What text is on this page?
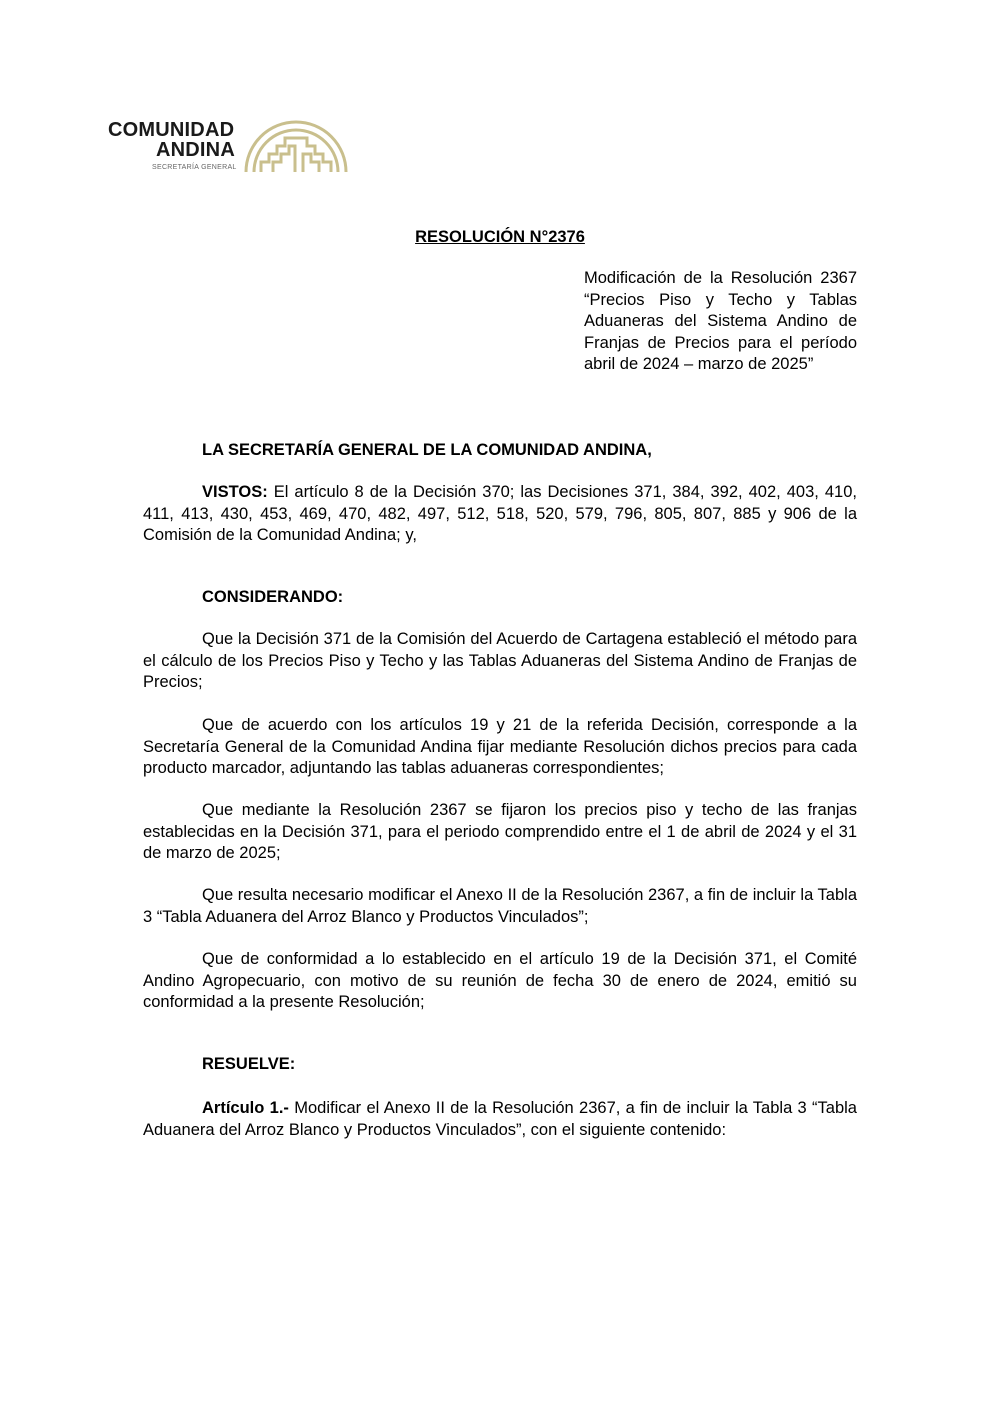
COMUNIDAD
ANDINA
SECRETARÍA GENERAL
RESOLUCIÓN N°2376
Modificación de la Resolución 2367 “Precios Piso y Techo y Tablas Aduaneras del Sistema Andino de Franjas de Precios para el período abril de 2024 – marzo de 2025”
LA SECRETARÍA GENERAL DE LA COMUNIDAD ANDINA,

VISTOS: El artículo 8 de la Decisión 370; las Decisiones 371, 384, 392, 402, 403, 410, 411, 413, 430, 453, 469, 470, 482, 497, 512, 518, 520, 579, 796, 805, 807, 885 y 906 de la Comisión de la Comunidad Andina; y,

CONSIDERANDO:

Que la Decisión 371 de la Comisión del Acuerdo de Cartagena estableció el método para el cálculo de los Precios Piso y Techo y las Tablas Aduaneras del Sistema Andino de Franjas de Precios;

Que de acuerdo con los artículos 19 y 21 de la referida Decisión, corresponde a la Secretaría General de la Comunidad Andina fijar mediante Resolución dichos precios para cada producto marcador, adjuntando las tablas aduaneras correspondientes;

Que mediante la Resolución 2367 se fijaron los precios piso y techo de las franjas establecidas en la Decisión 371, para el periodo comprendido entre el 1 de abril de 2024 y el 31 de marzo de 2025;

Que resulta necesario modificar el Anexo II de la Resolución 2367, a fin de incluir la Tabla 3 “Tabla Aduanera del Arroz Blanco y Productos Vinculados”;

Que de conformidad a lo establecido en el artículo 19 de la Decisión 371, el Comité Andino Agropecuario, con motivo de su reunión de fecha 30 de enero de 2024, emitió su conformidad a la presente Resolución;

RESUELVE:

Artículo 1.- Modificar el Anexo II de la Resolución 2367, a fin de incluir la Tabla 3 “Tabla Aduanera del Arroz Blanco y Productos Vinculados”, con el siguiente contenido:
